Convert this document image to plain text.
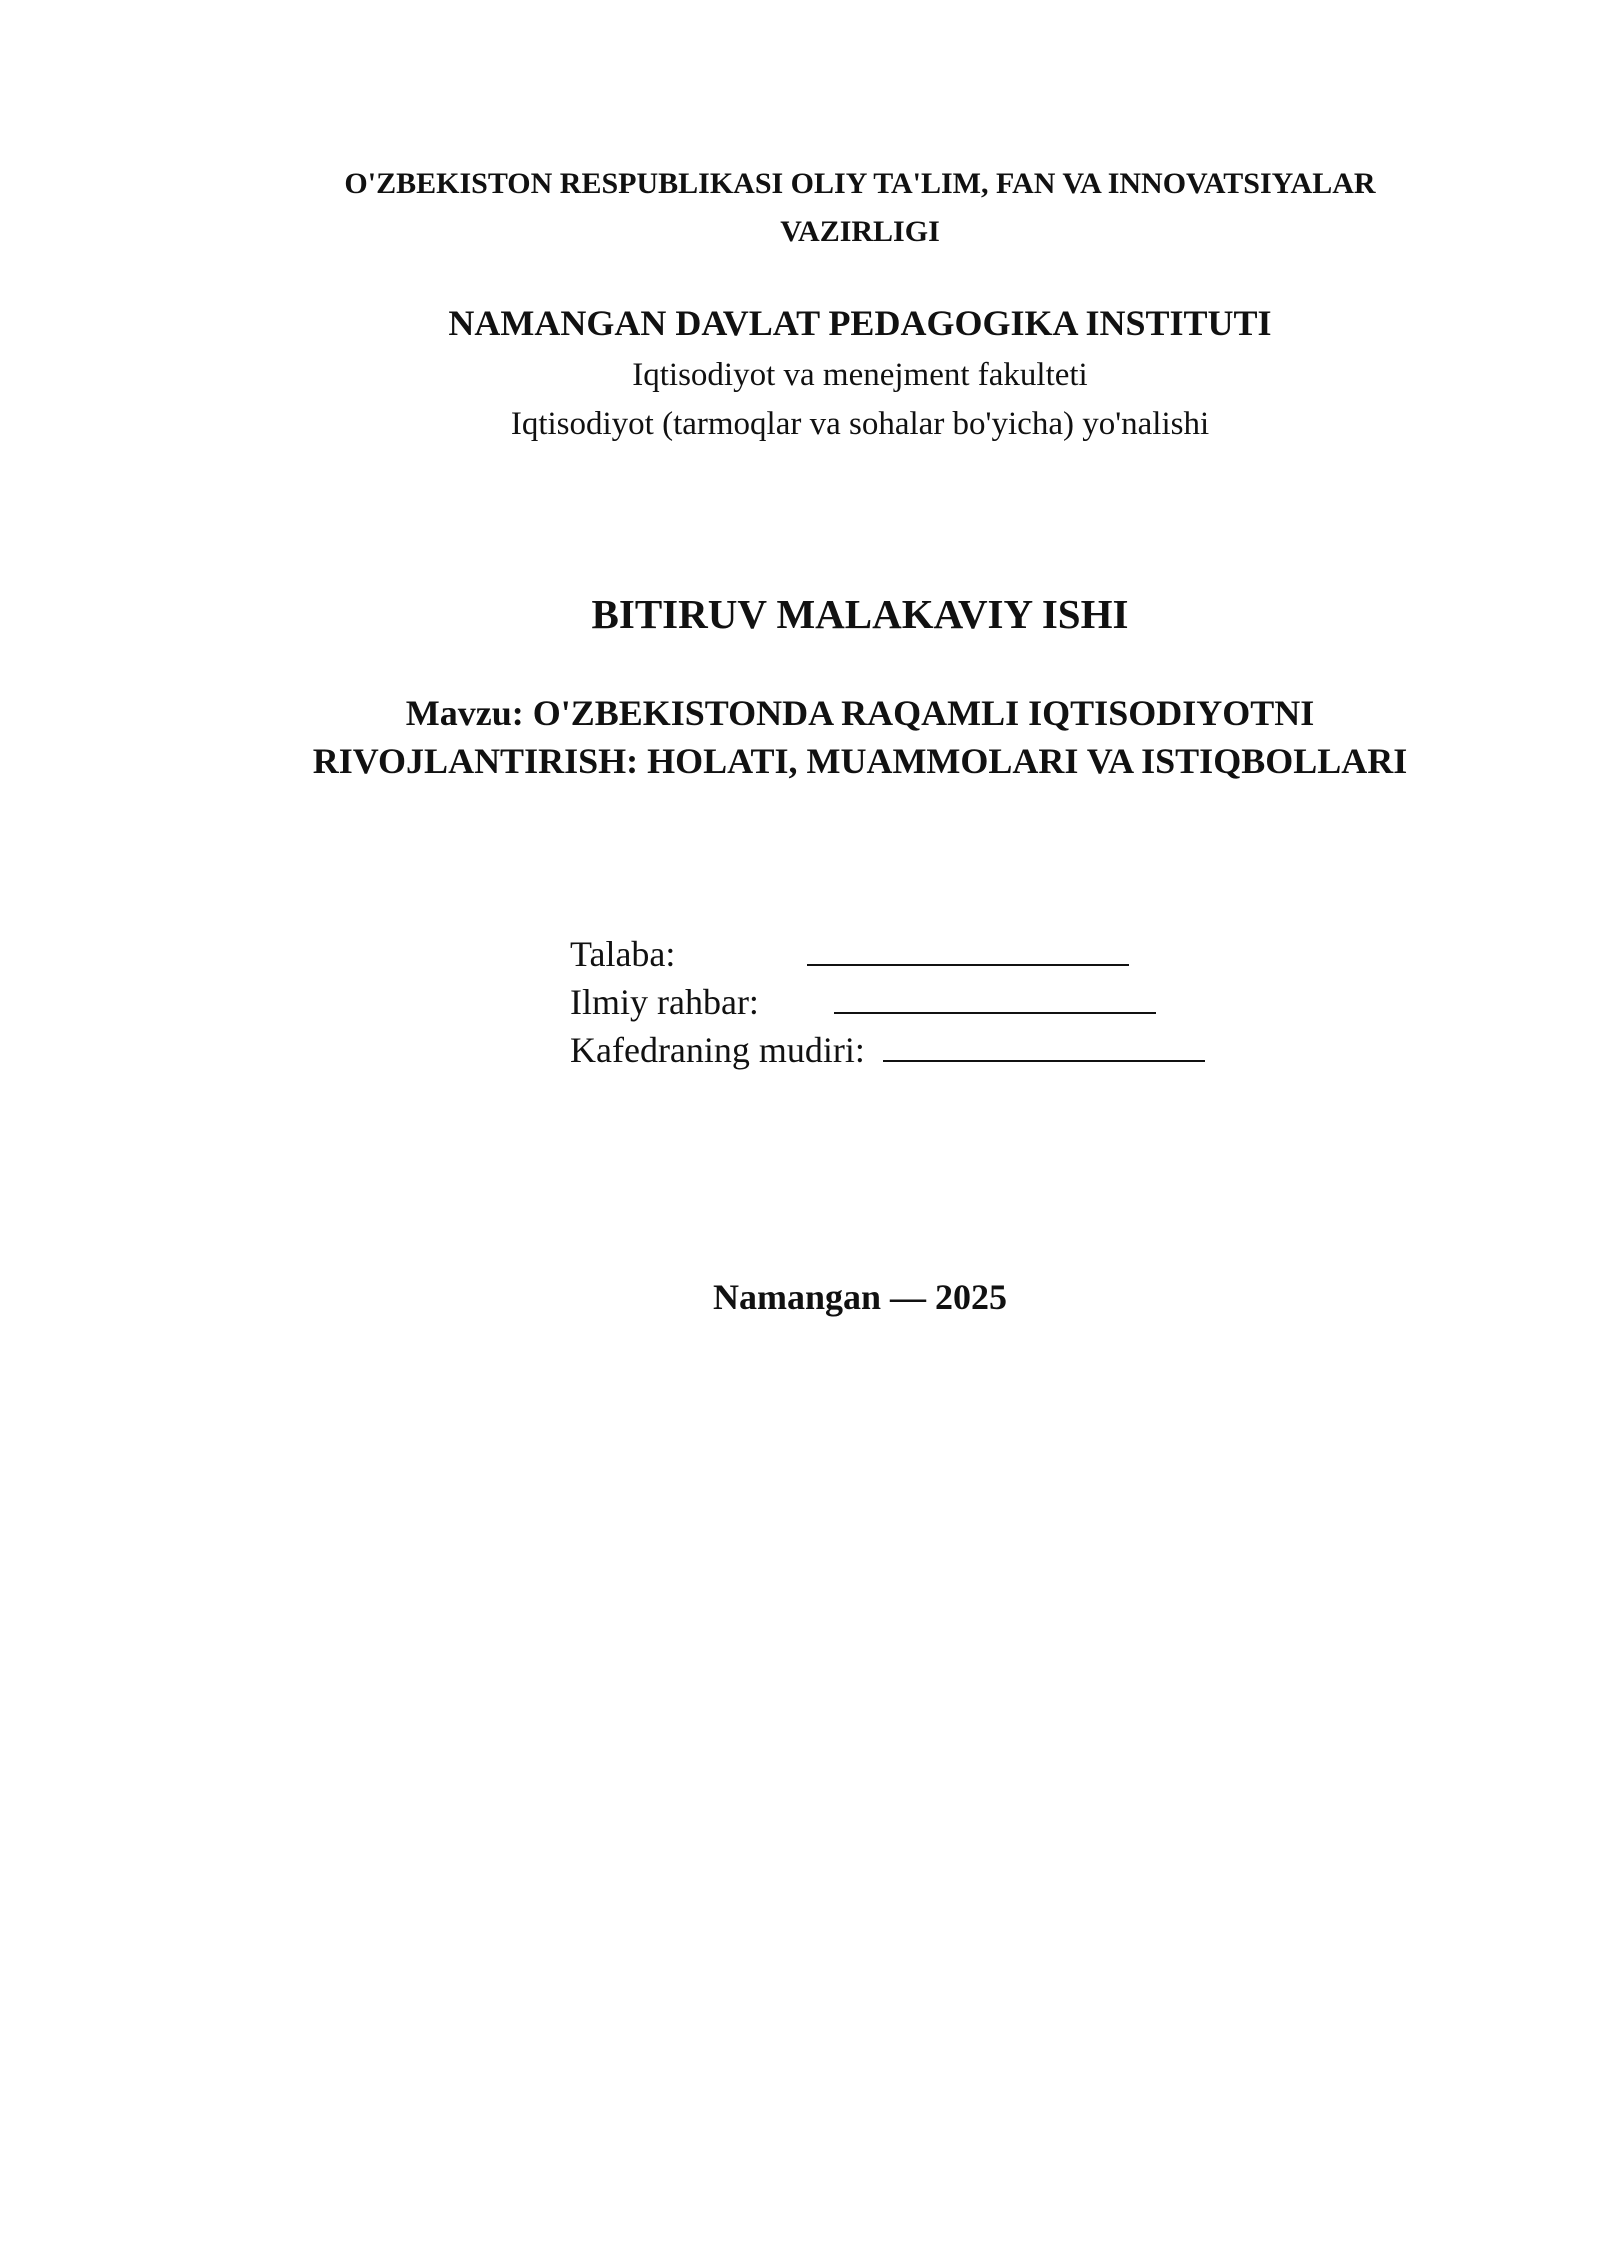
O'ZBEKISTON RESPUBLIKASI OLIY TA'LIM, FAN VA INNOVATSIYALAR
VAZIRLIGI
NAMANGAN DAVLAT PEDAGOGIKA INSTITUTI
Iqtisodiyot va menejment fakulteti
Iqtisodiyot (tarmoqlar va sohalar bo'yicha) yo'nalishi
BITIRUV MALAKAVIY ISHI
Mavzu: O'ZBEKISTONDA RAQAMLI IQTISODIYOTNI
RIVOJLANTIRISH: HOLATI, MUAMMOLARI VA ISTIQBOLLARI
Talaba:
Ilmiy rahbar:
Kafedraning mudiri:
Namangan — 2025
